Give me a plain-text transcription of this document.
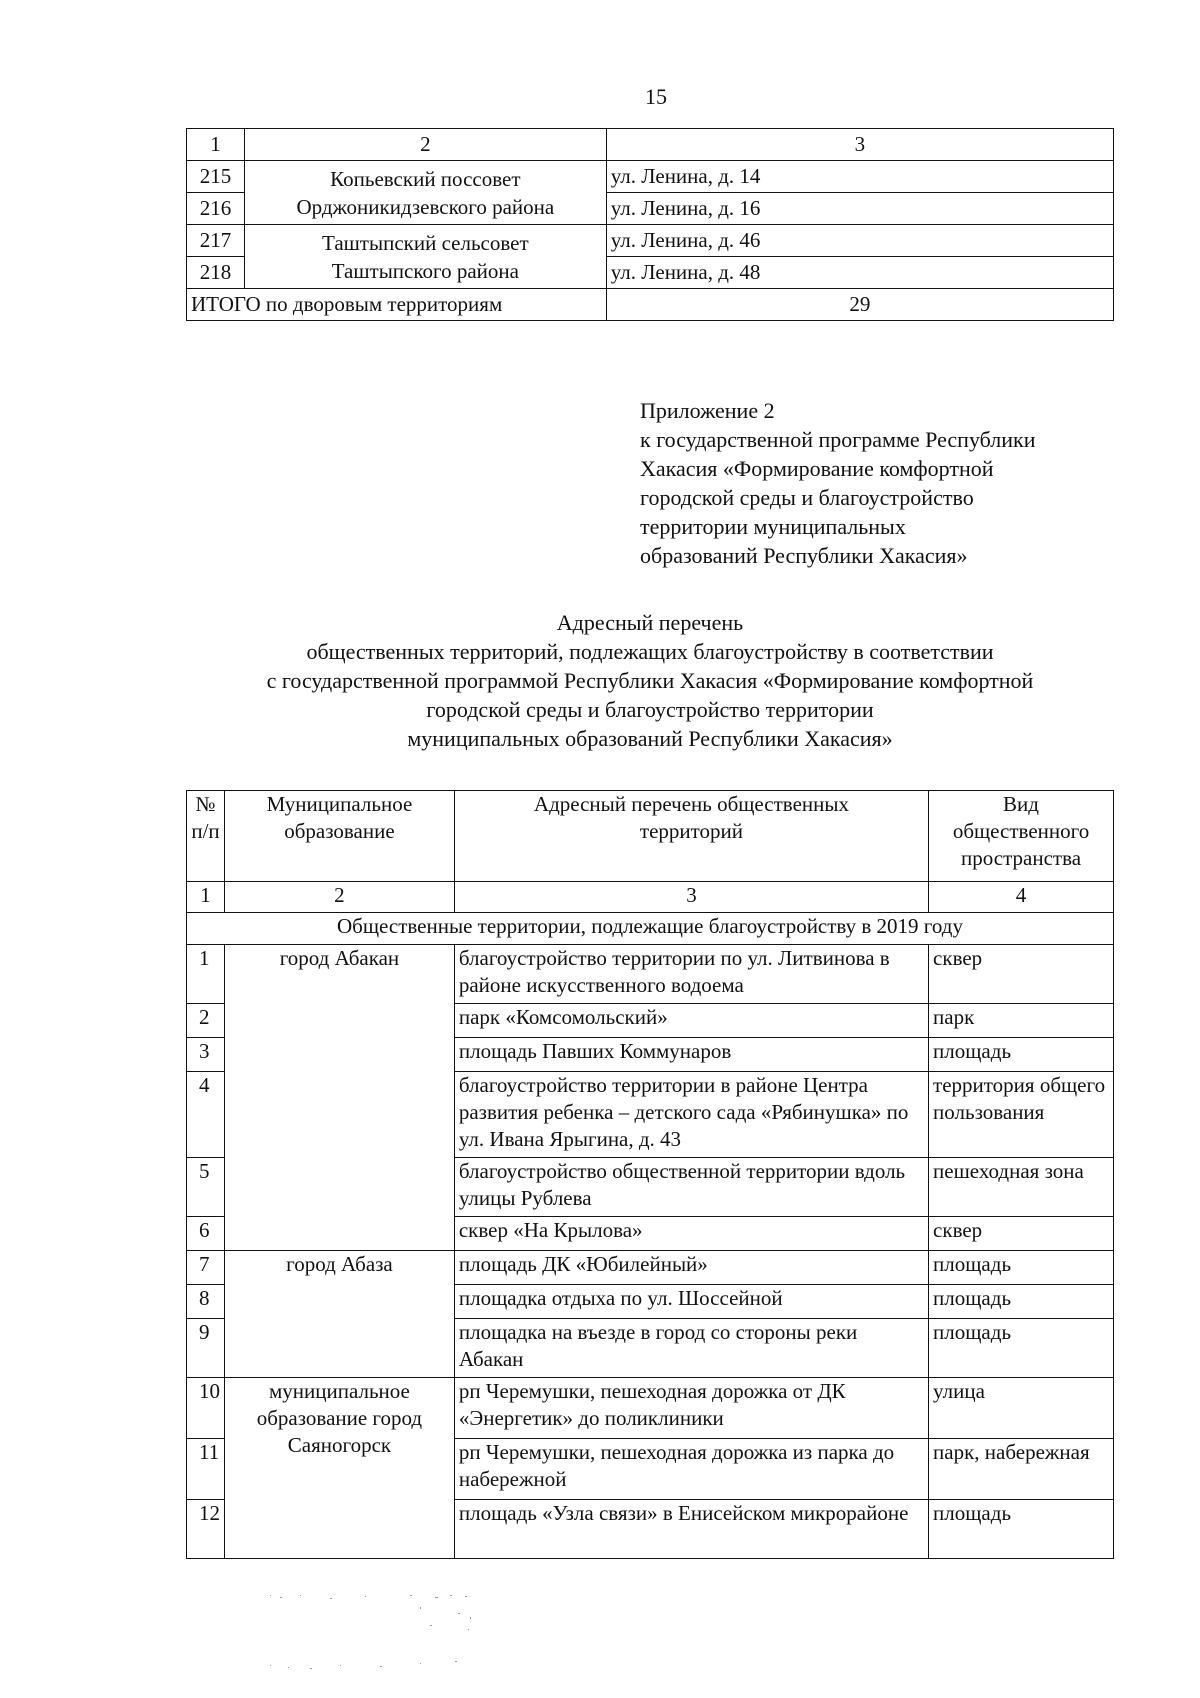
15
1	2	3
215	Копьевский поссовет Орджоникидзевского района	ул. Ленина, д. 14
216		ул. Ленина, д. 16
217	Таштыпский сельсовет Таштыпского района	ул. Ленина, д. 46
218		ул. Ленина, д. 48
ИТОГО по дворовым территориям		29
Приложение 2
к государственной программе Республики
Хакасия «Формирование комфортной
городской среды и благоустройство
территории муниципальных
образований Республики Хакасия»
Адресный перечень
общественных территорий, подлежащих благоустройству в соответствии
с государственной программой Республики Хакасия «Формирование комфортной
городской среды и благоустройство территории
муниципальных образований Республики Хакасия»
№ п/п	Муниципальное образование	Адресный перечень общественных территорий	Вид общественного пространства
1	2	3	4
Общественные территории, подлежащие благоустройству в 2019 году			
1	город Абакан	благоустройство территории по ул. Литвинова в районе искусственного водоема	сквер
2		парк «Комсомольский»	парк
3		площадь Павших Коммунаров	площадь
4		благоустройство территории в районе Центра развития ребенка – детского сада «Рябинушка» по ул. Ивана Ярыгина, д. 43	территория общего пользования
5		благоустройство общественной территории вдоль улицы Рублева	пешеходная зона
6		сквер «На Крылова»	сквер
7	город Абаза	площадь ДК «Юбилейный»	площадь
8		площадка отдыха по ул. Шоссейной	площадь
9		площадка на въезде в город со стороны реки Абакан	площадь
10	муниципальное образование город Саяногорск	рп Черемушки, пешеходная дорожка от ДК «Энергетик» до поликлиники	улица
11		рп Черемушки, пешеходная дорожка из парка до набережной	парк, набережная
12		площадь «Узла связи» в Енисейском микрорайоне	площадь
